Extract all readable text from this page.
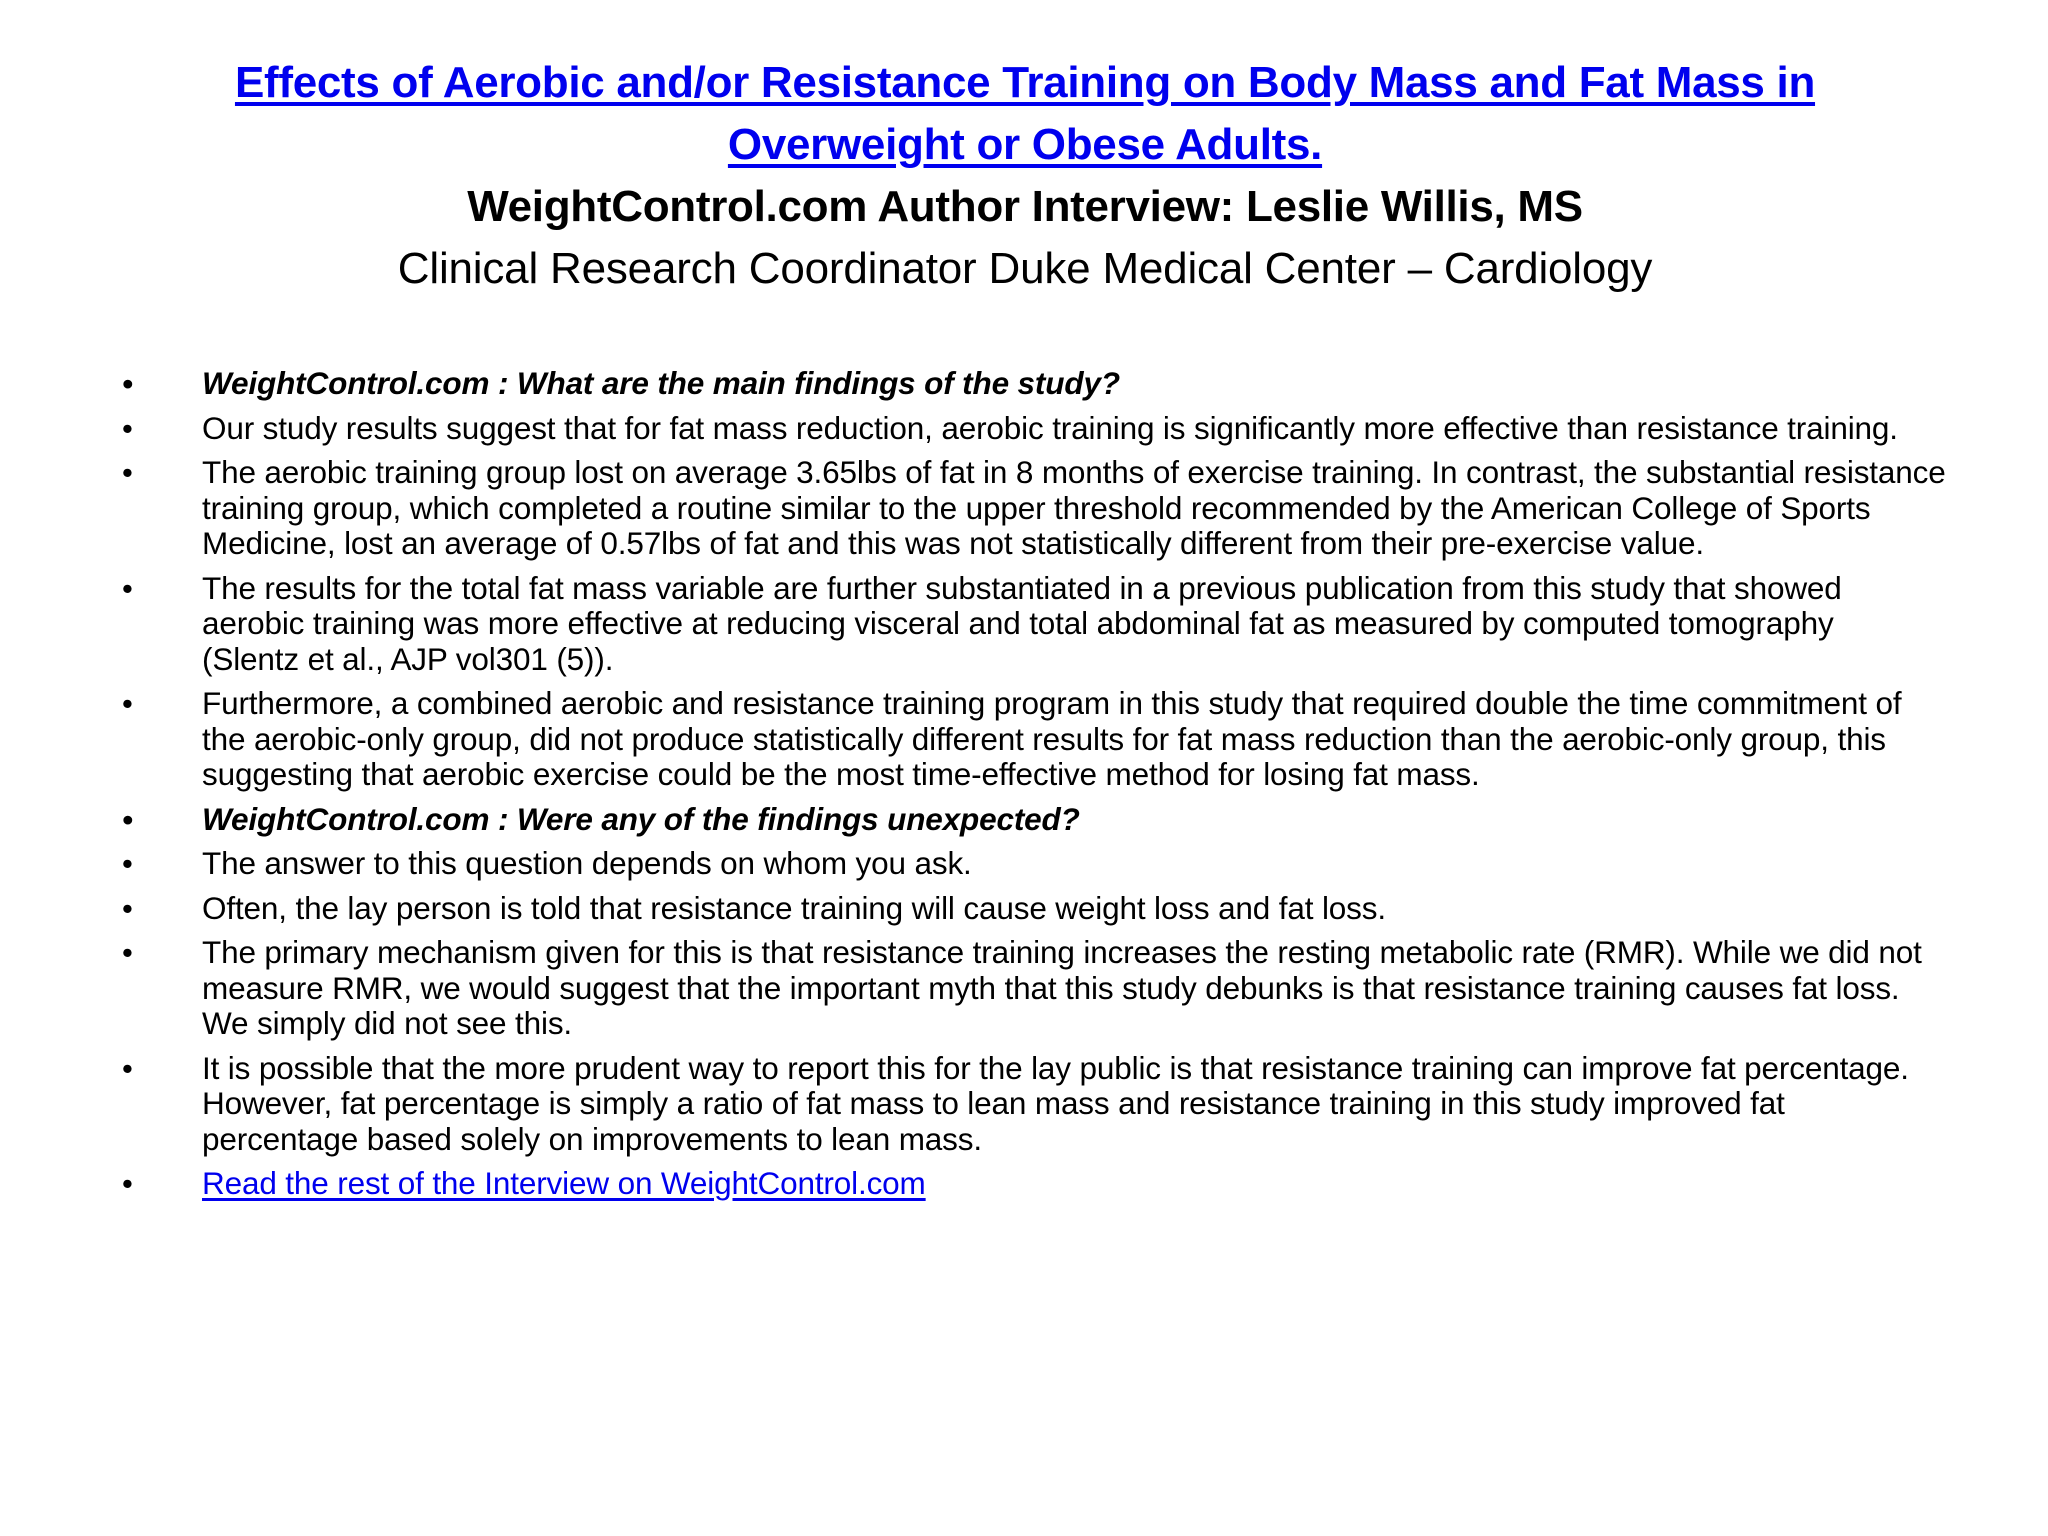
Effects of Aerobic and/or Resistance Training on Body Mass and Fat Mass in Overweight or Obese Adults.
WeightControl.com Author Interview: Leslie Willis, MS
Clinical Research Coordinator Duke Medical Center – Cardiology
• WeightControl.com : What are the main findings of the study?
• Our study results suggest that for fat mass reduction, aerobic training is significantly more effective than resistance training.
• The aerobic training group lost on average 3.65lbs of fat in 8 months of exercise training. In contrast, the substantial resistance training group, which completed a routine similar to the upper threshold recommended by the American College of Sports Medicine, lost an average of 0.57lbs of fat and this was not statistically different from their pre-exercise value.
• The results for the total fat mass variable are further substantiated in a previous publication from this study that showed aerobic training was more effective at reducing visceral and total abdominal fat as measured by computed tomography
(Slentz et al., AJP vol301 (5)).
• Furthermore, a combined aerobic and resistance training program in this study that required double the time commitment of the aerobic-only group, did not produce statistically different results for fat mass reduction than the aerobic-only group, this suggesting that aerobic exercise could be the most time-effective method for losing fat mass.
• WeightControl.com : Were any of the findings unexpected?
• The answer to this question depends on whom you ask.
• Often, the lay person is told that resistance training will cause weight loss and fat loss.
• The primary mechanism given for this is that resistance training increases the resting metabolic rate (RMR). While we did not measure RMR, we would suggest that the important myth that this study debunks is that resistance training causes fat loss. We simply did not see this.
• It is possible that the more prudent way to report this for the lay public is that resistance training can improve fat percentage. However, fat percentage is simply a ratio of fat mass to lean mass and resistance training in this study improved fat percentage based solely on improvements to lean mass.
• Read the rest of the Interview on WeightControl.com
